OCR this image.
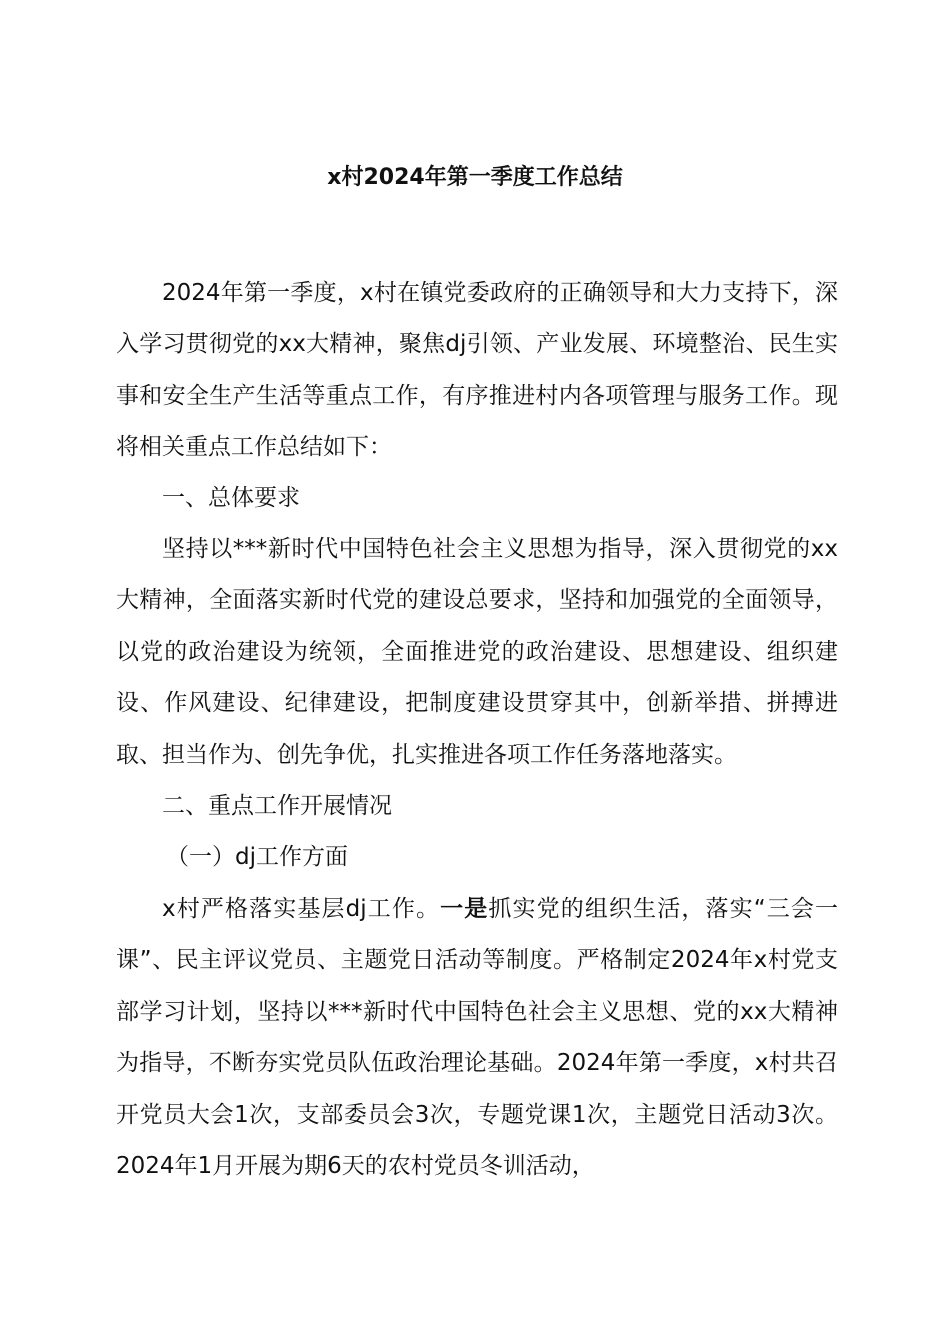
x村2024年第一季度工作总结

2024年第一季度，x村在镇党委政府的正确领导和大力支持下，深入学习贯彻党的xx大精神，聚焦dj引领、产业发展、环境整治、民生实事和安全生产生活等重点工作，有序推进村内各项管理与服务工作。现将相关重点工作总结如下：

一、总体要求

坚持以***新时代中国特色社会主义思想为指导，深入贯彻党的xx大精神，全面落实新时代党的建设总要求，坚持和加强党的全面领导，以党的政治建设为统领，全面推进党的政治建设、思想建设、组织建设、作风建设、纪律建设，把制度建设贯穿其中，创新举措、拼搏进取、担当作为、创先争优，扎实推进各项工作任务落地落实。

二、重点工作开展情况

（一）dj工作方面

x村严格落实基层dj工作。一是抓实党的组织生活，落实“三会一课”、民主评议党员、主题党日活动等制度。严格制定2024年x村党支部学习计划，坚持以***新时代中国特色社会主义思想、党的xx大精神为指导，不断夯实党员队伍政治理论基础。2024年第一季度，x村共召开党员大会1次，支部委员会3次，专题党课1次，主题党日活动3次。2024年1月开展为期6天的农村党员冬训活动，
